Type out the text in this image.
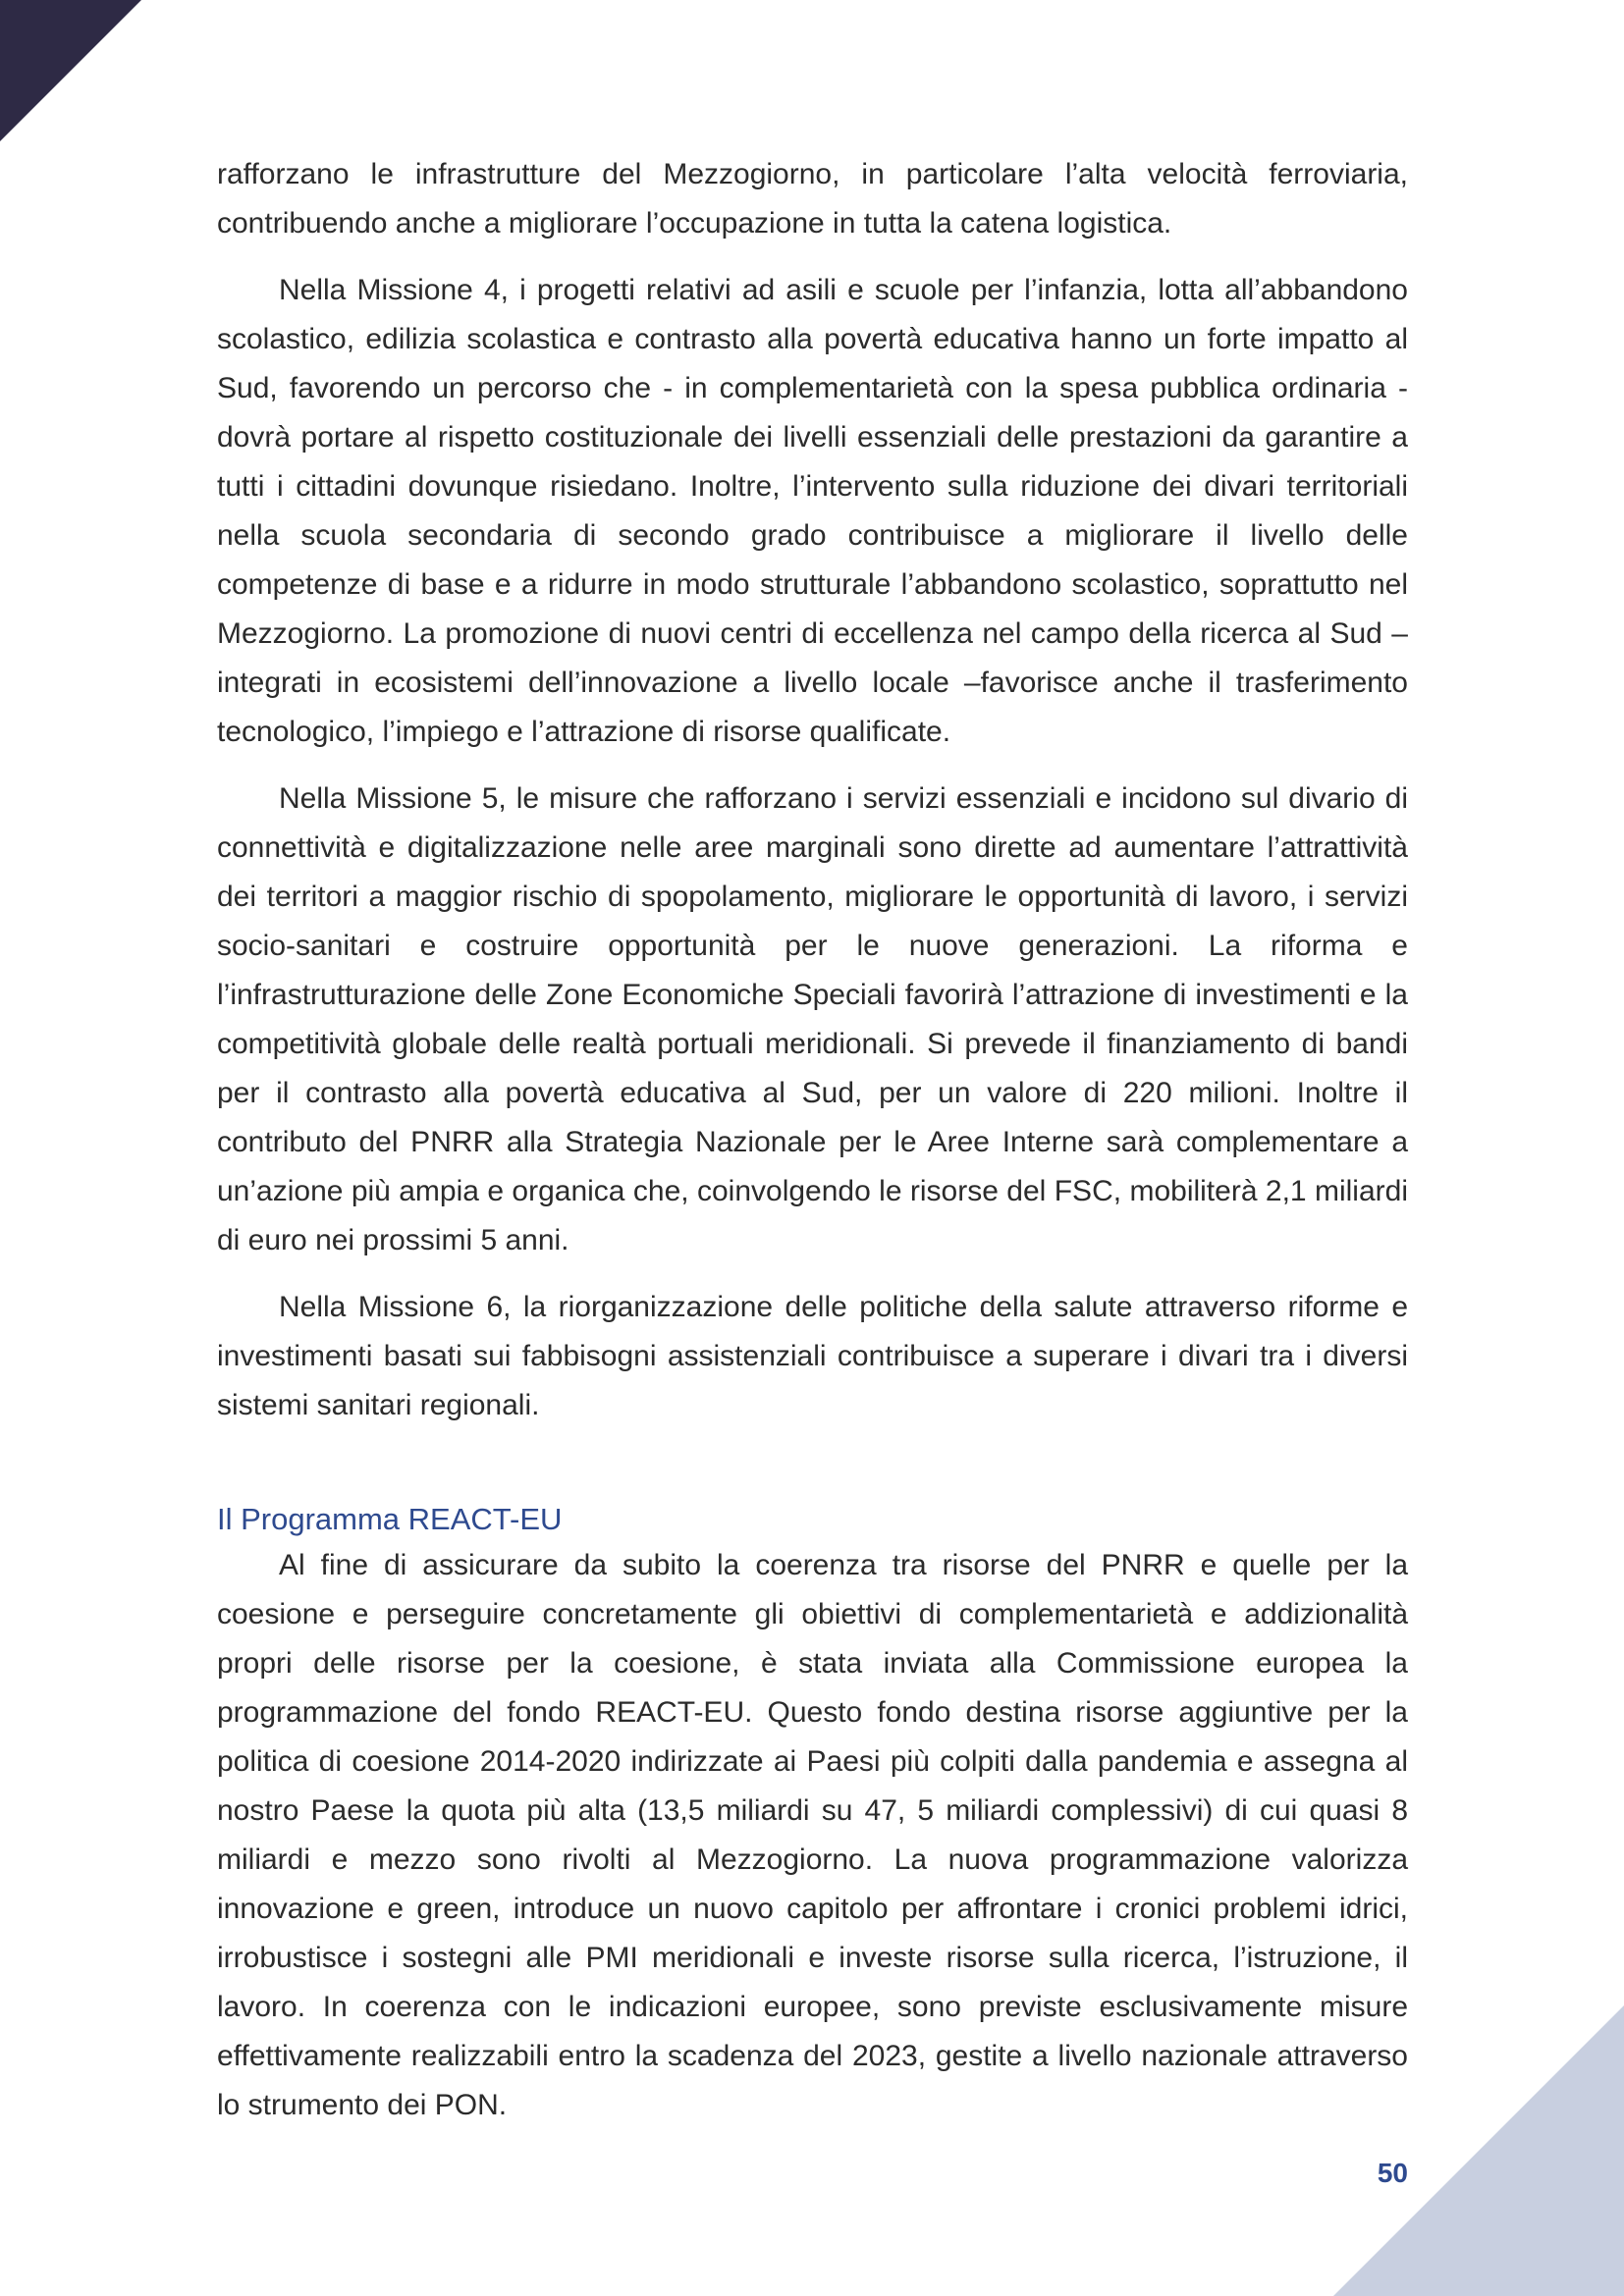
rafforzano le infrastrutture del Mezzogiorno, in particolare l’alta velocità ferroviaria, contribuendo anche a migliorare l’occupazione in tutta la catena logistica.

Nella Missione 4, i progetti relativi ad asili e scuole per l’infanzia, lotta all’abbandono scolastico, edilizia scolastica e contrasto alla povertà educativa hanno un forte impatto al Sud, favorendo un percorso che - in complementarietà con la spesa pubblica ordinaria - dovrà portare al rispetto costituzionale dei livelli essenziali delle prestazioni da garantire a tutti i cittadini dovunque risiedano. Inoltre, l’intervento sulla riduzione dei divari territoriali nella scuola secondaria di secondo grado contribuisce a migliorare il livello delle competenze di base e a ridurre in modo strutturale l’abbandono scolastico, soprattutto nel Mezzogiorno. La promozione di nuovi centri di eccellenza nel campo della ricerca al Sud – integrati in ecosistemi dell’innovazione a livello locale –favorisce anche il trasferimento tecnologico, l’impiego e l’attrazione di risorse qualificate.

Nella Missione 5, le misure che rafforzano i servizi essenziali e incidono sul divario di connettività e digitalizzazione nelle aree marginali sono dirette ad aumentare l’attrattività dei territori a maggior rischio di spopolamento, migliorare le opportunità di lavoro, i servizi socio-sanitari e costruire opportunità per le nuove generazioni. La riforma e l’infrastrutturazione delle Zone Economiche Speciali favorirà l’attrazione di investimenti e la competitività globale delle realtà portuali meridionali. Si prevede il finanziamento di bandi per il contrasto alla povertà educativa al Sud, per un valore di 220 milioni. Inoltre il contributo del PNRR alla Strategia Nazionale per le Aree Interne sarà complementare a un’azione più ampia e organica che, coinvolgendo le risorse del FSC, mobiliterà 2,1 miliardi di euro nei prossimi 5 anni.

Nella Missione 6, la riorganizzazione delle politiche della salute attraverso riforme e investimenti basati sui fabbisogni assistenziali contribuisce a superare i divari tra i diversi sistemi sanitari regionali.

Il Programma REACT-EU

Al fine di assicurare da subito la coerenza tra risorse del PNRR e quelle per la coesione e perseguire concretamente gli obiettivi di complementarietà e addizionalità propri delle risorse per la coesione, è stata inviata alla Commissione europea la programmazione del fondo REACT-EU. Questo fondo destina risorse aggiuntive per la politica di coesione 2014-2020 indirizzate ai Paesi più colpiti dalla pandemia e assegna al nostro Paese la quota più alta (13,5 miliardi su 47, 5 miliardi complessivi) di cui quasi 8 miliardi e mezzo sono rivolti al Mezzogiorno. La nuova programmazione valorizza innovazione e green, introduce un nuovo capitolo per affrontare i cronici problemi idrici, irrobustisce i sostegni alle PMI meridionali e investe risorse sulla ricerca, l’istruzione, il lavoro. In coerenza con le indicazioni europee, sono previste esclusivamente misure effettivamente realizzabili entro la scadenza del 2023, gestite a livello nazionale attraverso lo strumento dei PON.

50
